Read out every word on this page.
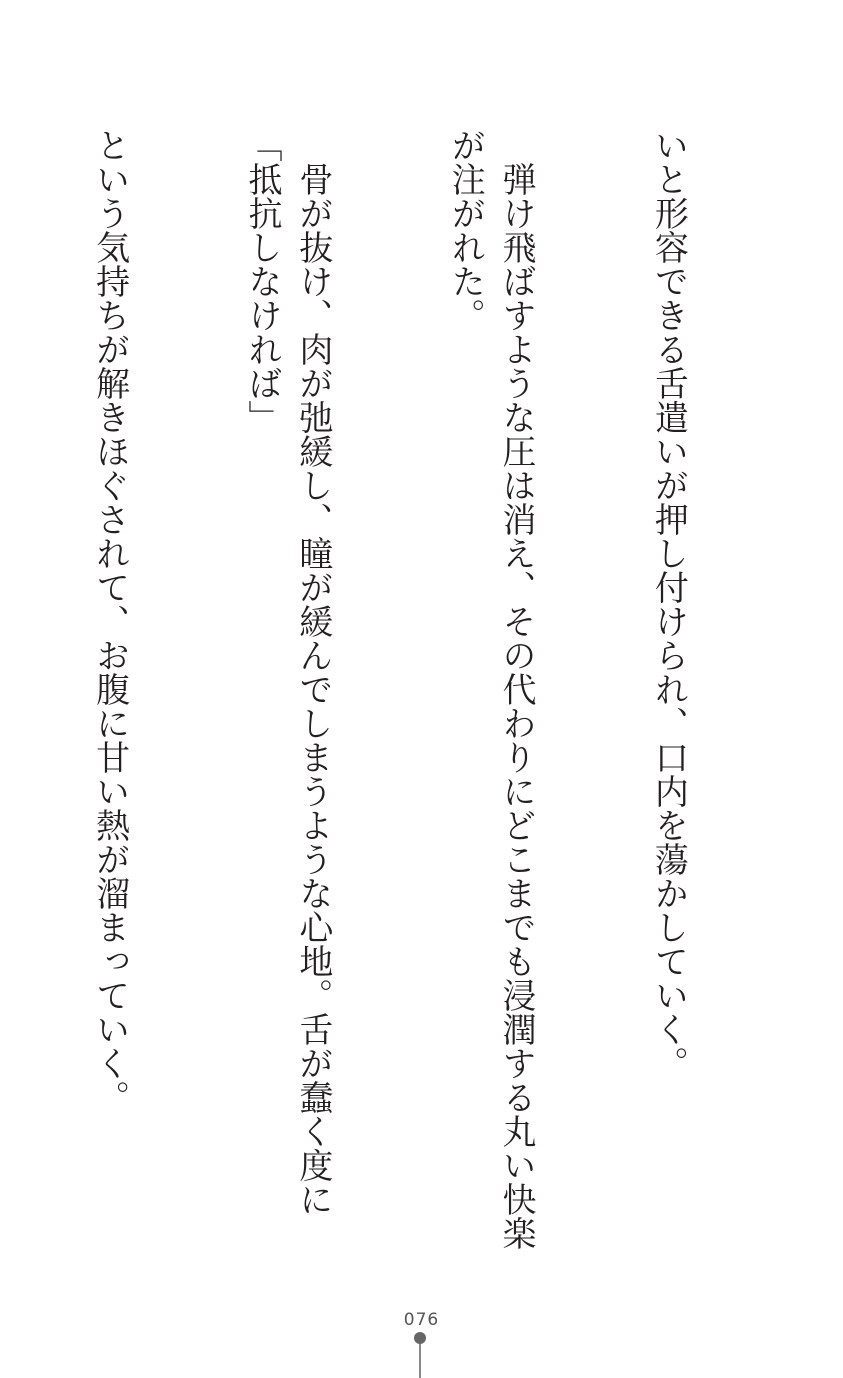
いと形容できる舌遣いが押し付けられ、口内を蕩かしていく。

　弾け飛ばすような圧は消え、その代わりにどこまでも浸潤する丸い快楽が注がれた。

　骨が抜け、肉が弛緩し、瞳が緩んでしまうような心地。舌が蠢く度に「抵抗しなければ」

という気持ちが解きほぐされて、お腹に甘い熱が溜まっていく。

076
